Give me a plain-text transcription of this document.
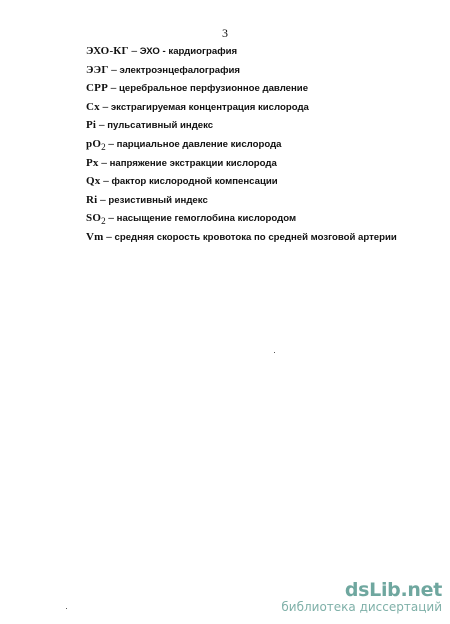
3
ЭХО-КГ – ЭХО - кардиография
ЭЭГ – электроэнцефалография
CPP – церебральное перфузионное давление
Cx – экстрагируемая концентрация кислорода
Pi – пульсативный индекс
$pO_2$ – парциальное давление кислорода
Px – напряжение экстракции кислорода
Qx – фактор кислородной компенсации
Ri – резистивный индекс
$SO_2$ – насыщение гемоглобина кислородом
Vm – средняя скорость кровотока по средней мозговой артерии
dsLib.net
библиотека диссертаций
